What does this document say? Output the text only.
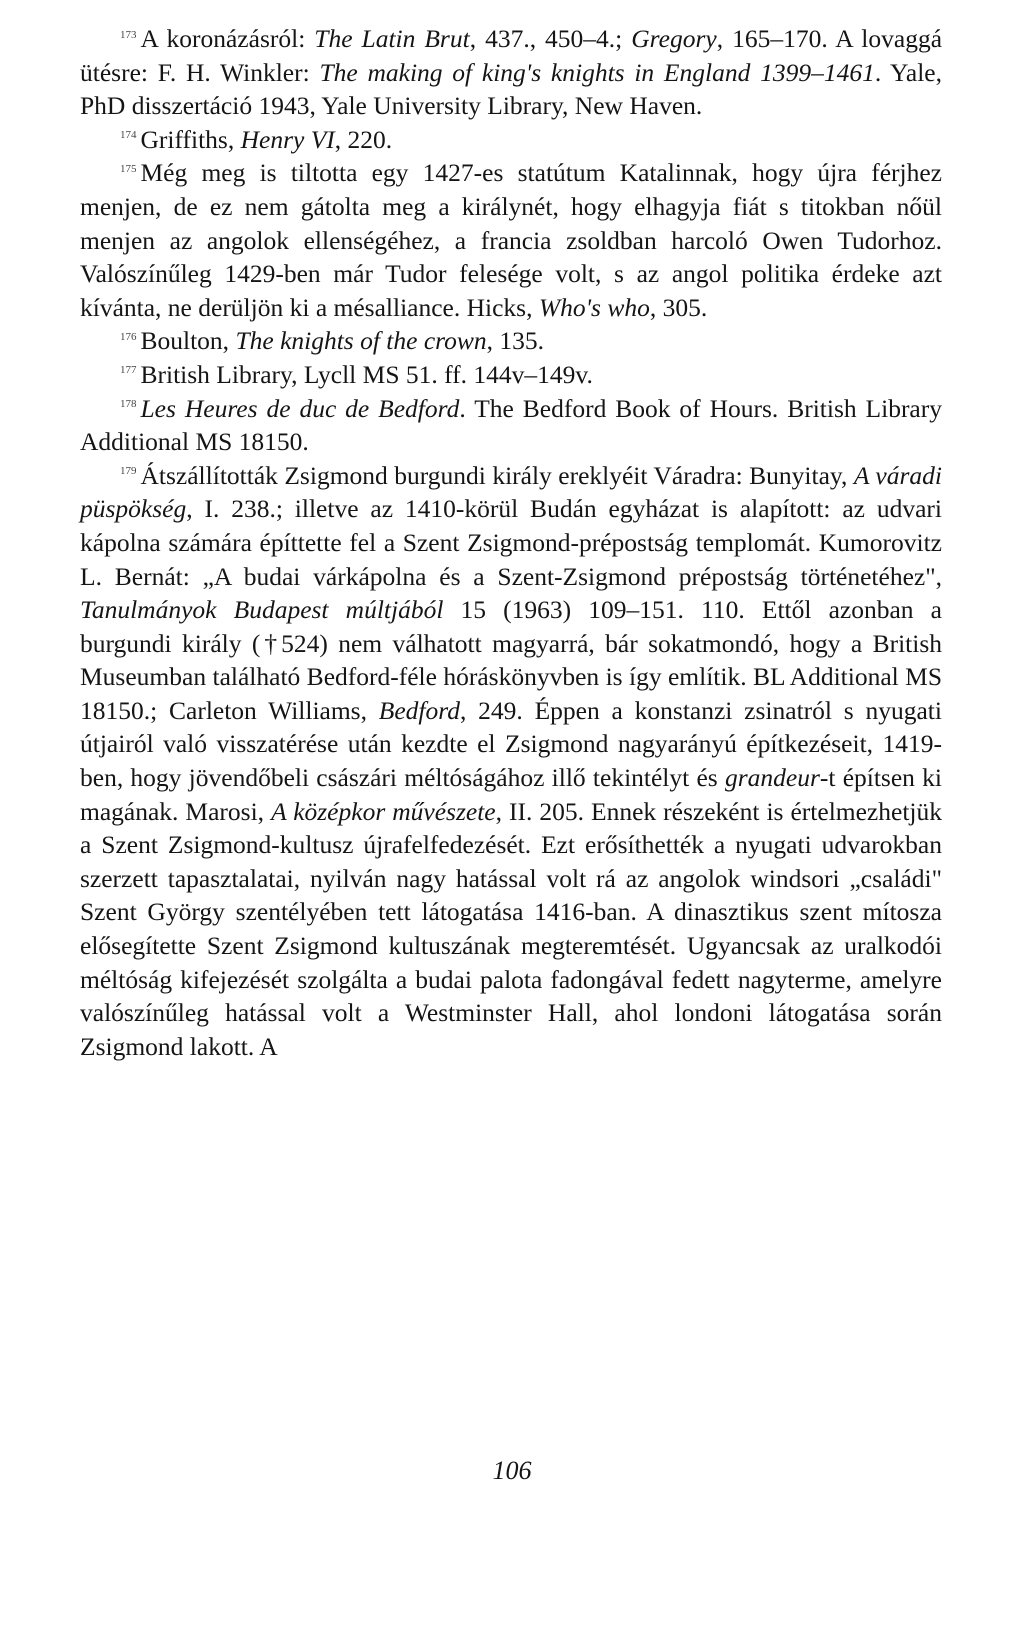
$^{173}$ A koronázásról: The Latin Brut, 437., 450–4.; Gregory, 165–170. A lovaggá ütésre: F. H. Winkler: The making of king's knights in England 1399–1461. Yale, PhD disszertáció 1943, Yale University Library, New Haven.

$^{174}$ Griffiths, Henry VI, 220.

$^{175}$ Még meg is tiltotta egy 1427-es statútum Katalinnak, hogy újra férjhez menjen, de ez nem gátolta meg a királynét, hogy elhagyja fiát s titokban nőül menjen az angolok ellenségéhez, a francia zsoldban harcoló Owen Tudorhoz. Valószínűleg 1429-ben már Tudor felesége volt, s az angol politika érdeke azt kívánta, ne derüljön ki a mésalliance. Hicks, Who's who, 305.

$^{176}$ Boulton, The knights of the crown, 135.

$^{177}$ British Library, Lycll MS 51. ff. 144v–149v.

$^{178}$ Les Heures de duc de Bedford. The Bedford Book of Hours. British Library Additional MS 18150.

$^{179}$ Átszállították Zsigmond burgundi király ereklyéit Váradra: Bunyitay, A váradi püspökség, I. 238.; illetve az 1410-körül Budán egyházat is alapított: az udvari kápolna számára építtette fel a Szent Zsigmond-prépostság templomát. Kumorovitz L. Bernát: „A budai várkápolna és a Szent-Zsigmond prépostság történetéhez", Tanulmányok Budapest múltjából 15 (1963) 109–151. 110. Ettől azonban a burgundi király (†524) nem válhatott magyarrá, bár sokatmondó, hogy a British Museumban található Bedford-féle hóráskönyvben is így említik. BL Additional MS 18150.; Carleton Williams, Bedford, 249. Éppen a konstanzi zsinatról s nyugati útjairól való visszatérése után kezdte el Zsigmond nagyarányú építkezéseit, 1419-ben, hogy jövendőbeli császári méltóságához illő tekintélyt és grandeur-t építsen ki magának. Marosi, A középkor művészete, II. 205. Ennek részeként is értelmezhetjük a Szent Zsigmond-kultusz újrafelfedezését. Ezt erősíthették a nyugati udvarokban szerzett tapasztalatai, nyilván nagy hatással volt rá az angolok windsori „családi" Szent György szentélyében tett látogatása 1416-ban. A dinasztikus szent mítosza elősegítette Szent Zsigmond kultuszának megteremtését. Ugyancsak az uralkodói méltóság kifejezését szolgálta a budai palota fadongával fedett nagyterme, amelyre valószínűleg hatással volt a Westminster Hall, ahol londoni látogatása során Zsigmond lakott. A

106
